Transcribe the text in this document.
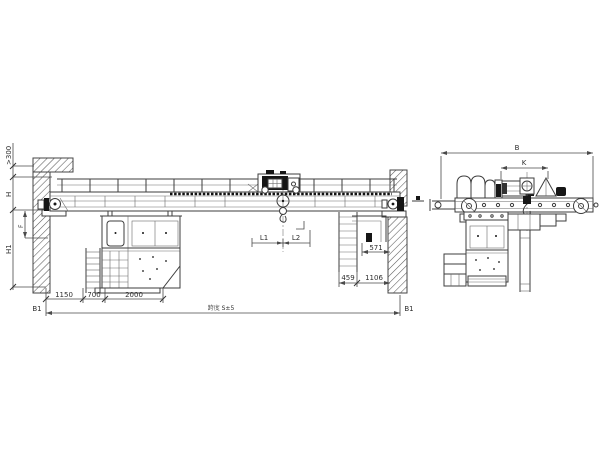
>300
H
H1
F
L1	L2
571
459 1106
1150 700	2000
B1	跨度 S±5	B1
B
K
